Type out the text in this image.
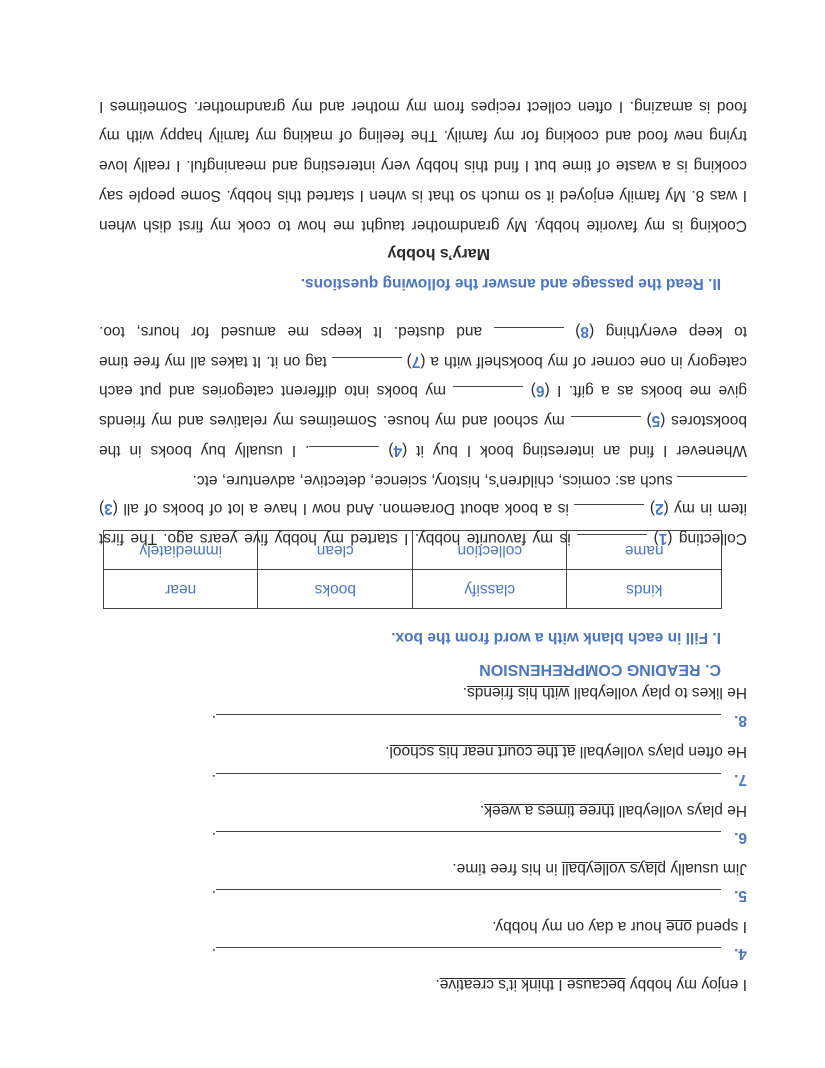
I enjoy my hobby because I think it’s creative.
4.
.
I spend one hour a day on my hobby.
5.
.
Jim usually plays volleyball in his free time.
6.
.
He plays volleyball three times a week.
7.
.
He often plays volleyball at the court near his school.
8.
.
He likes to play volleyball with his friends.
C. READING COMPREHENSION
I. Fill in each blank with a word from the box.
kinds	classify	books	near
name	collection	clean	immediately
Collecting (1)  is my favourite hobby. I started my hobby five years ago. The first
item in my (2)  is a book about Doraemon. And now I have a lot of books of all (3)
such as: comics, children’s, history, science, detective, adventure, etc.
Whenever I find an interesting book I buy it (4) . I usually buy books in the
bookstores (5)  my school and my house. Sometimes my relatives and my friends
give me books as a gift. I (6)  my books into different categories and put each
category in one corner of my bookshelf with a (7)  tag on it. It takes all my free time
to keep everything (8)  and dusted. It keeps me amused for hours, too.
II. Read the passage and answer the following questions.
Mary’s hobby
Cooking is my favorite hobby. My grandmother taught me how to cook my first dish when
I was 8. My family enjoyed it so much so that is when I started this hobby. Some people say
cooking is a waste of time but I find this hobby very interesting and meaningful. I really love
trying new food and cooking for my family. The feeling of making my family happy with my
food is amazing. I often collect recipes from my mother and my grandmother. Sometimes I
